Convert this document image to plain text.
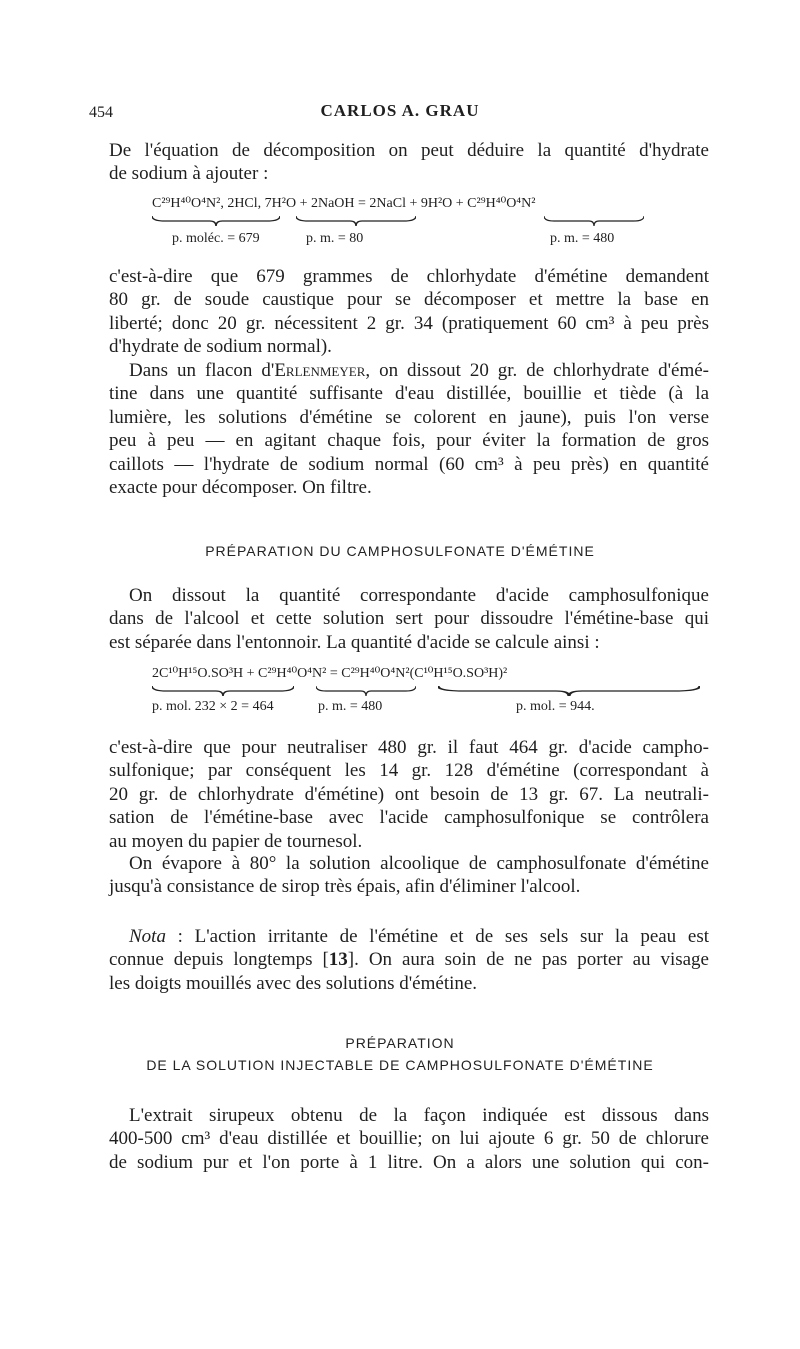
454	CARLOS A. GRAU
De l'équation de décomposition on peut déduire la quantité d'hydrate
de sodium à ajouter :
C²⁹H⁴⁰O⁴N², 2HCl, 7H²O + 2NaOH = 2NaCl + 9H²O + C²⁹H⁴⁰O⁴N²
p. moléc. = 679	p. m. = 80	p. m. = 480
c'est-à-dire que 679 grammes de chlorhydate d'émétine demandent
80 gr. de soude caustique pour se décomposer et mettre la base en
liberté; donc 20 gr. nécessitent 2 gr. 34 (pratiquement 60 cm³ à peu près
d'hydrate de sodium normal).
Dans un flacon d'Erlenmeyer, on dissout 20 gr. de chlorhydrate d'émé-
tine dans une quantité suffisante d'eau distillée, bouillie et tiède (à la
lumière, les solutions d'émétine se colorent en jaune), puis l'on verse
peu à peu — en agitant chaque fois, pour éviter la formation de gros
caillots — l'hydrate de sodium normal (60 cm³ à peu près) en quantité
exacte pour décomposer. On filtre.
PRÉPARATION DU CAMPHOSULFONATE D'ÉMÉTINE
On dissout la quantité correspondante d'acide camphosulfonique
dans de l'alcool et cette solution sert pour dissoudre l'émétine-base qui
est séparée dans l'entonnoir. La quantité d'acide se calcule ainsi :
2C¹⁰H¹⁵O.SO³H + C²⁹H⁴⁰O⁴N² = C²⁹H⁴⁰O⁴N²(C¹⁰H¹⁵O.SO³H)²
p. mol. 232 × 2 = 464	p. m. = 480	p. mol. = 944.
c'est-à-dire que pour neutraliser 480 gr. il faut 464 gr. d'acide campho-
sulfonique; par conséquent les 14 gr. 128 d'émétine (correspondant à
20 gr. de chlorhydrate d'émétine) ont besoin de 13 gr. 67. La neutrali-
sation de l'émétine-base avec l'acide camphosulfonique se contrôlera
au moyen du papier de tournesol.
On évapore à 80° la solution alcoolique de camphosulfonate d'émétine
jusqu'à consistance de sirop très épais, afin d'éliminer l'alcool.
Nota : L'action irritante de l'émétine et de ses sels sur la peau est
connue depuis longtemps [13]. On aura soin de ne pas porter au visage
les doigts mouillés avec des solutions d'émétine.
PRÉPARATION
DE LA SOLUTION INJECTABLE DE CAMPHOSULFONATE D'ÉMÉTINE
L'extrait sirupeux obtenu de la façon indiquée est dissous dans
400-500 cm³ d'eau distillée et bouillie; on lui ajoute 6 gr. 50 de chlorure
de sodium pur et l'on porte à 1 litre. On a alors une solution qui con-
